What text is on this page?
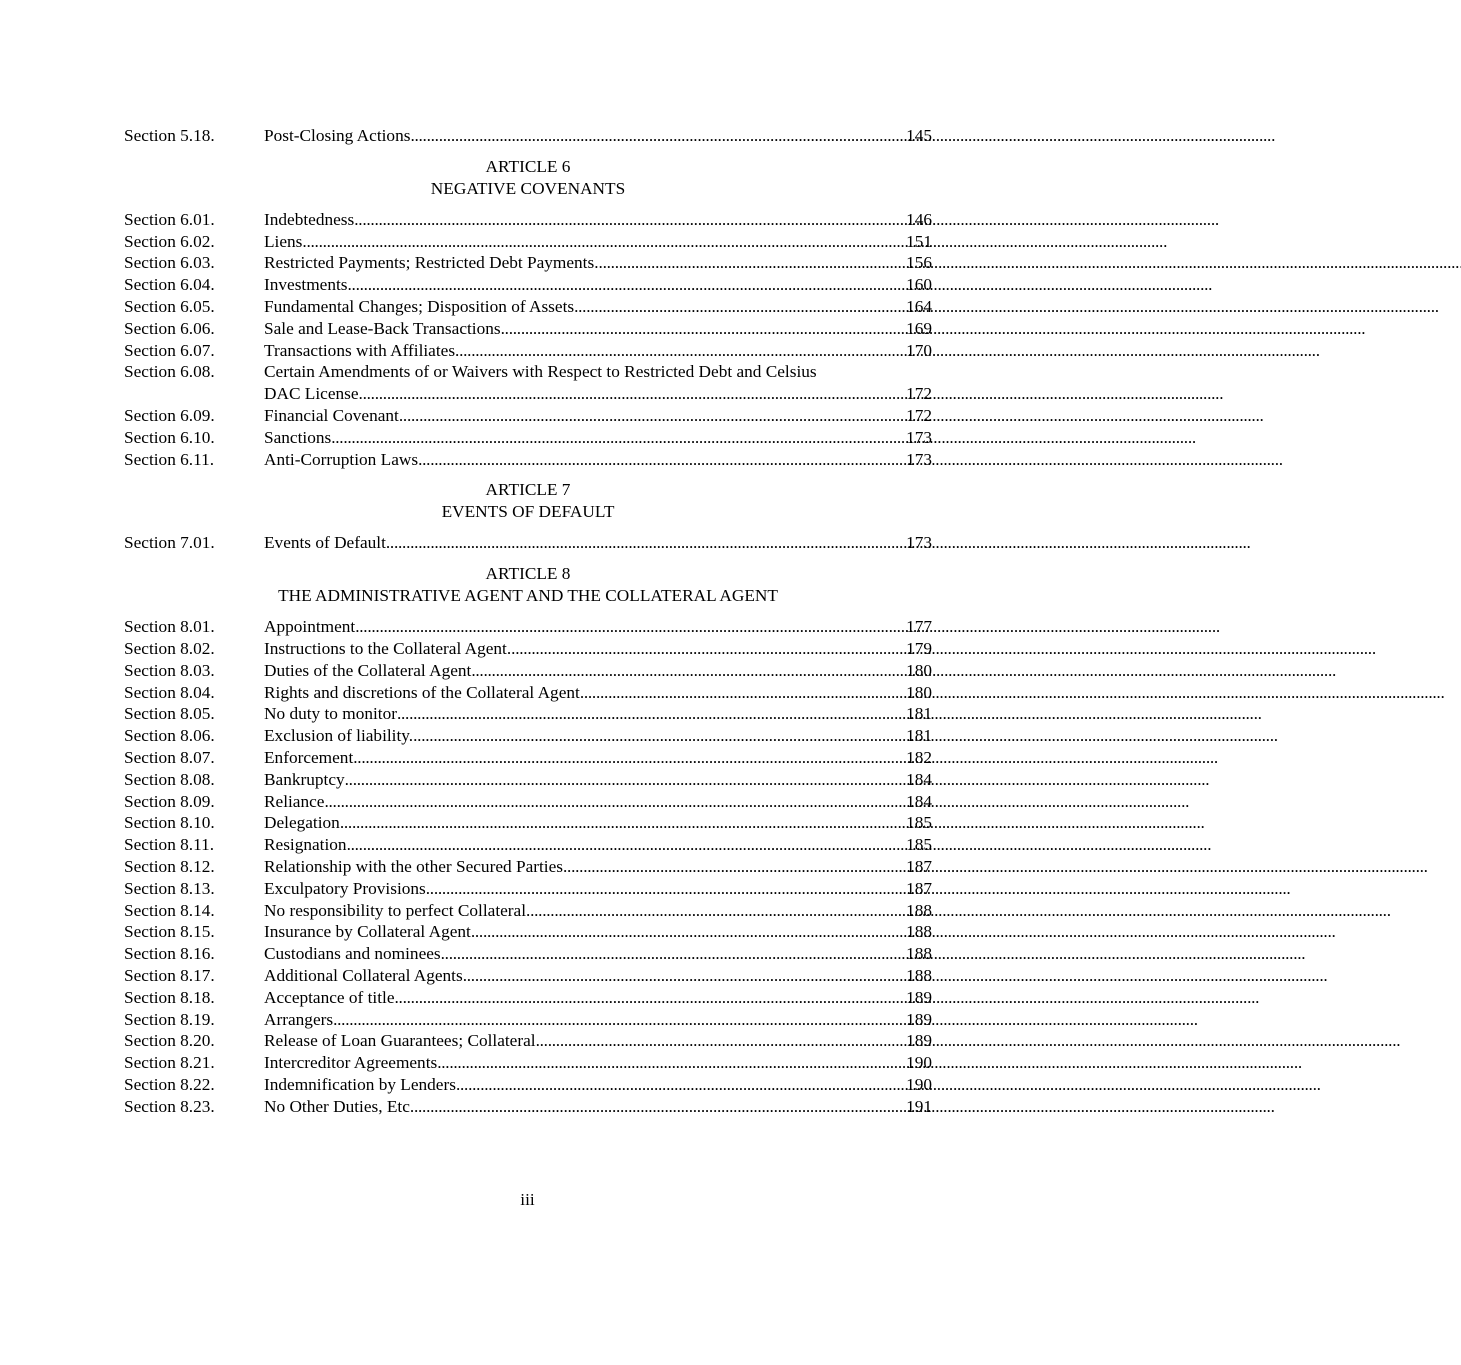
Section 5.18.	Post-Closing Actions . . .	145
ARTICLE 6
NEGATIVE COVENANTS
Section 6.01.	Indebtedness . . .	146
Section 6.02.	Liens . . .	151
Section 6.03.	Restricted Payments; Restricted Debt Payments. . . .	156
Section 6.04.	Investments . . .	160
Section 6.05.	Fundamental Changes; Disposition of Assets . . .	164
Section 6.06.	Sale and Lease-Back Transactions . . .	169
Section 6.07.	Transactions with Affiliates . . .	170
Section 6.08.	Certain Amendments of or Waivers with Respect to Restricted Debt and Celsius
DAC License . . .	172
Section 6.09.	Financial Covenant . . .	172
Section 6.10.	Sanctions . . .	173
Section 6.11.	Anti-Corruption Laws . . .	173
ARTICLE 7
EVENTS OF DEFAULT
Section 7.01.	Events of Default . . .	173
ARTICLE 8
THE ADMINISTRATIVE AGENT AND THE COLLATERAL AGENT
Section 8.01.	Appointment . . .	177
Section 8.02.	Instructions to the Collateral Agent. . . .	179
Section 8.03.	Duties of the Collateral Agent . . .	180
Section 8.04.	Rights and discretions of the Collateral Agent . . .	180
Section 8.05.	No duty to monitor . . .	181
Section 8.06.	Exclusion of liability. . . .	181
Section 8.07.	Enforcement . . .	182
Section 8.08.	Bankruptcy . . .	184
Section 8.09.	Reliance . . .	184
Section 8.10.	Delegation . . .	185
Section 8.11.	Resignation . . .	185
Section 8.12.	Relationship with the other Secured Parties . . .	187
Section 8.13.	Exculpatory Provisions . . .	187
Section 8.14.	No responsibility to perfect Collateral . . .	188
Section 8.15.	Insurance by Collateral Agent . . .	188
Section 8.16.	Custodians and nominees . . .	188
Section 8.17.	Additional Collateral Agents . . .	188
Section 8.18.	Acceptance of title . . .	189
Section 8.19.	Arrangers . . .	189
Section 8.20.	Release of Loan Guarantees; Collateral . . .	189
Section 8.21.	Intercreditor Agreements . . .	190
Section 8.22.	Indemnification by Lenders . . .	190
Section 8.23.	No Other Duties, Etc . . .	191
iii
